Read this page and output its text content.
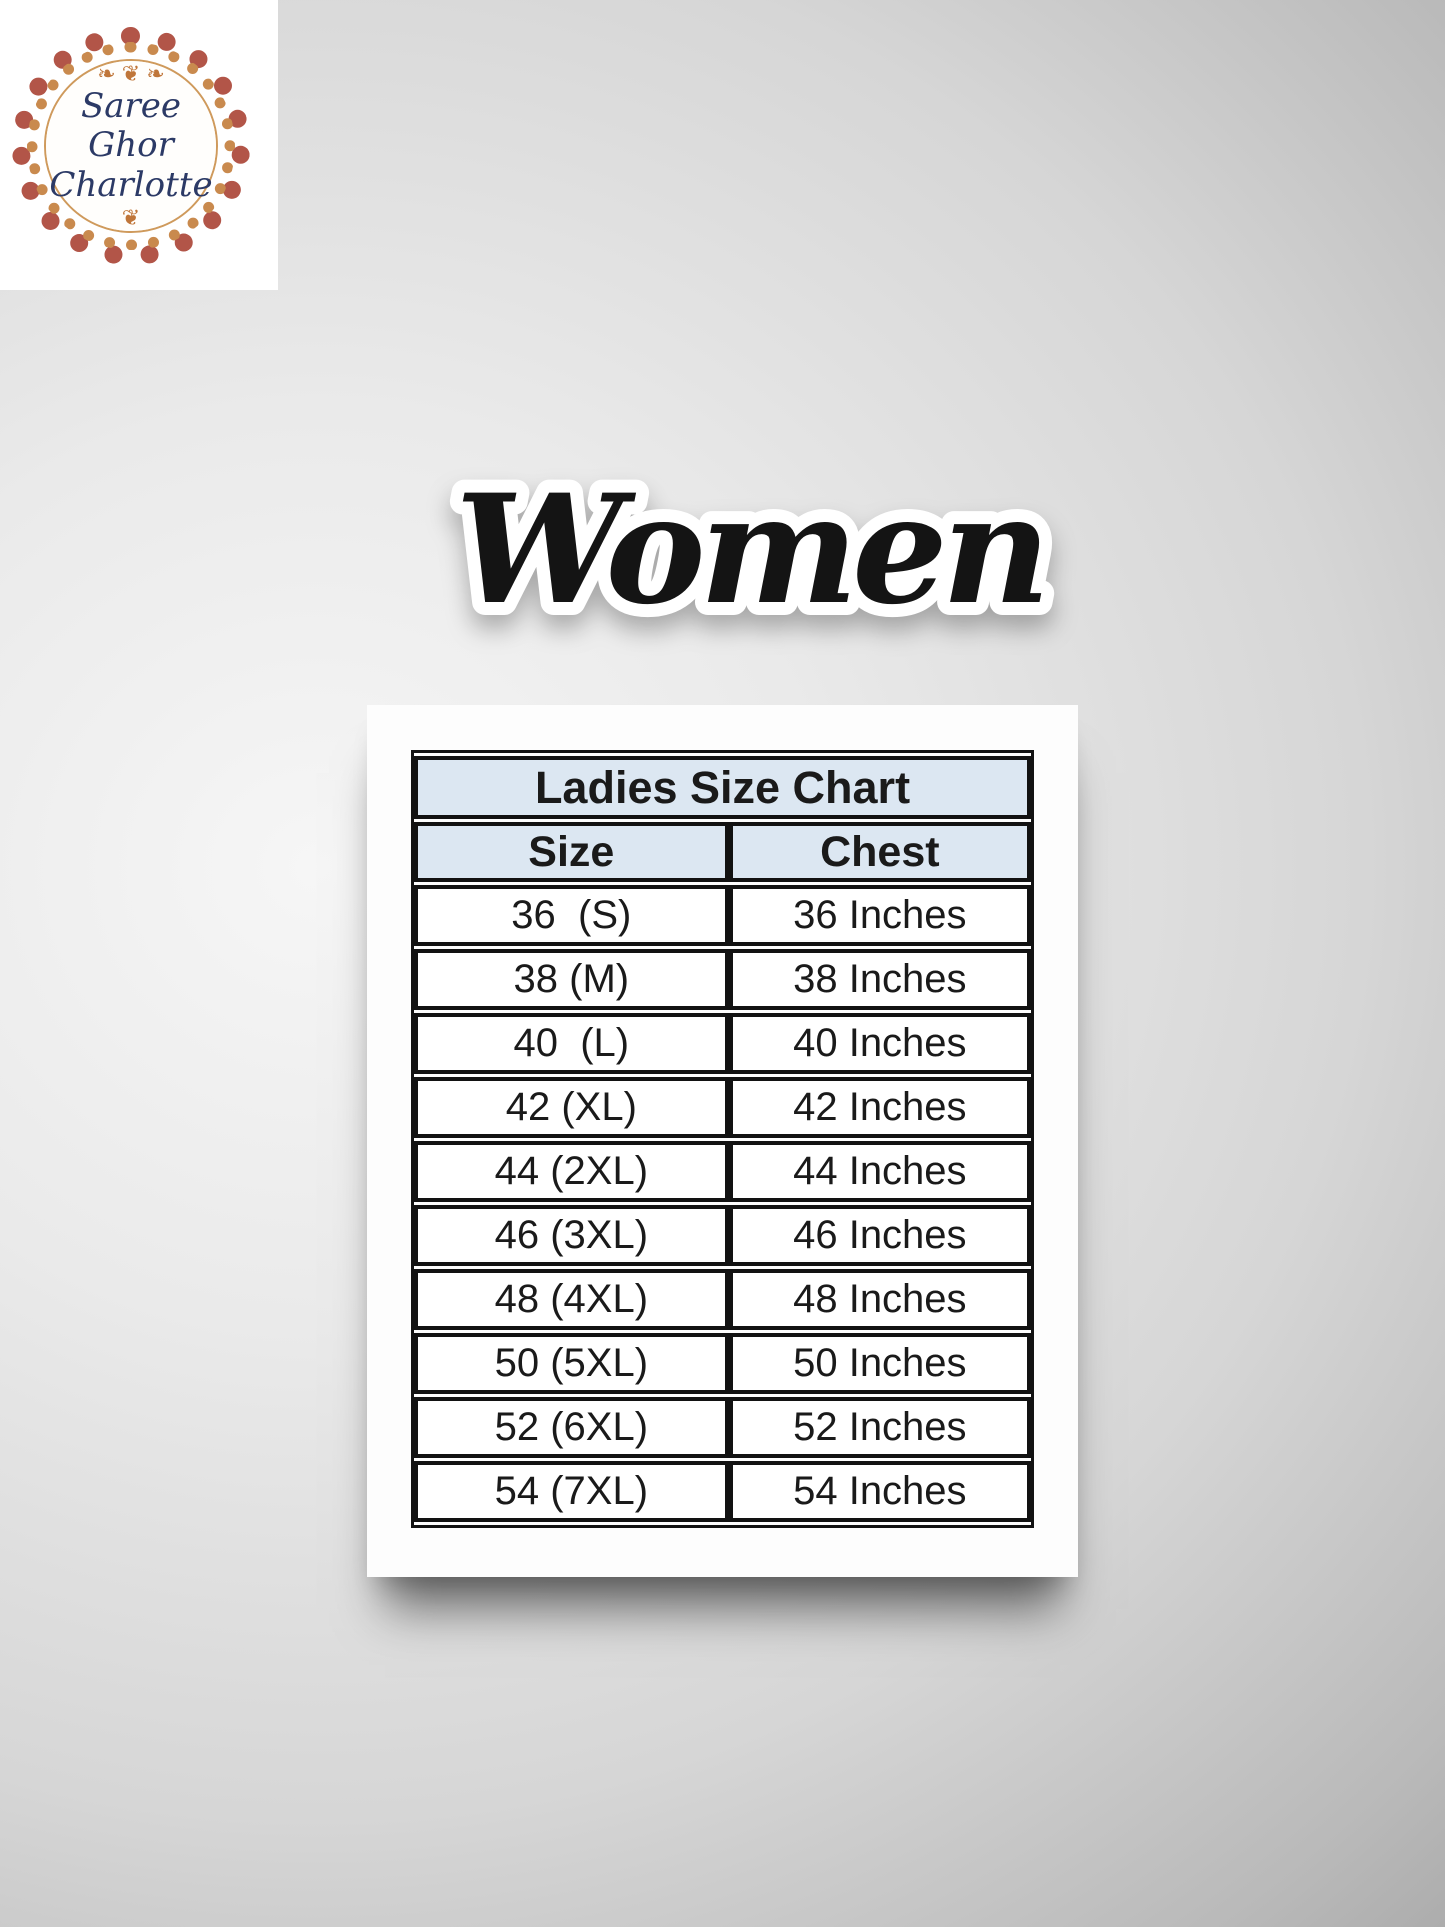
❧ ❦ ❧
Saree Ghor
Charlotte
❦
Women
Ladies Size Chart	
Size	Chest
36  (S)	36 Inches
38 (M)	38 Inches
40  (L)	40 Inches
42 (XL)	42 Inches
44 (2XL)	44 Inches
46 (3XL)	46 Inches
48 (4XL)	48 Inches
50 (5XL)	50 Inches
52 (6XL)	52 Inches
54 (7XL)	54 Inches
